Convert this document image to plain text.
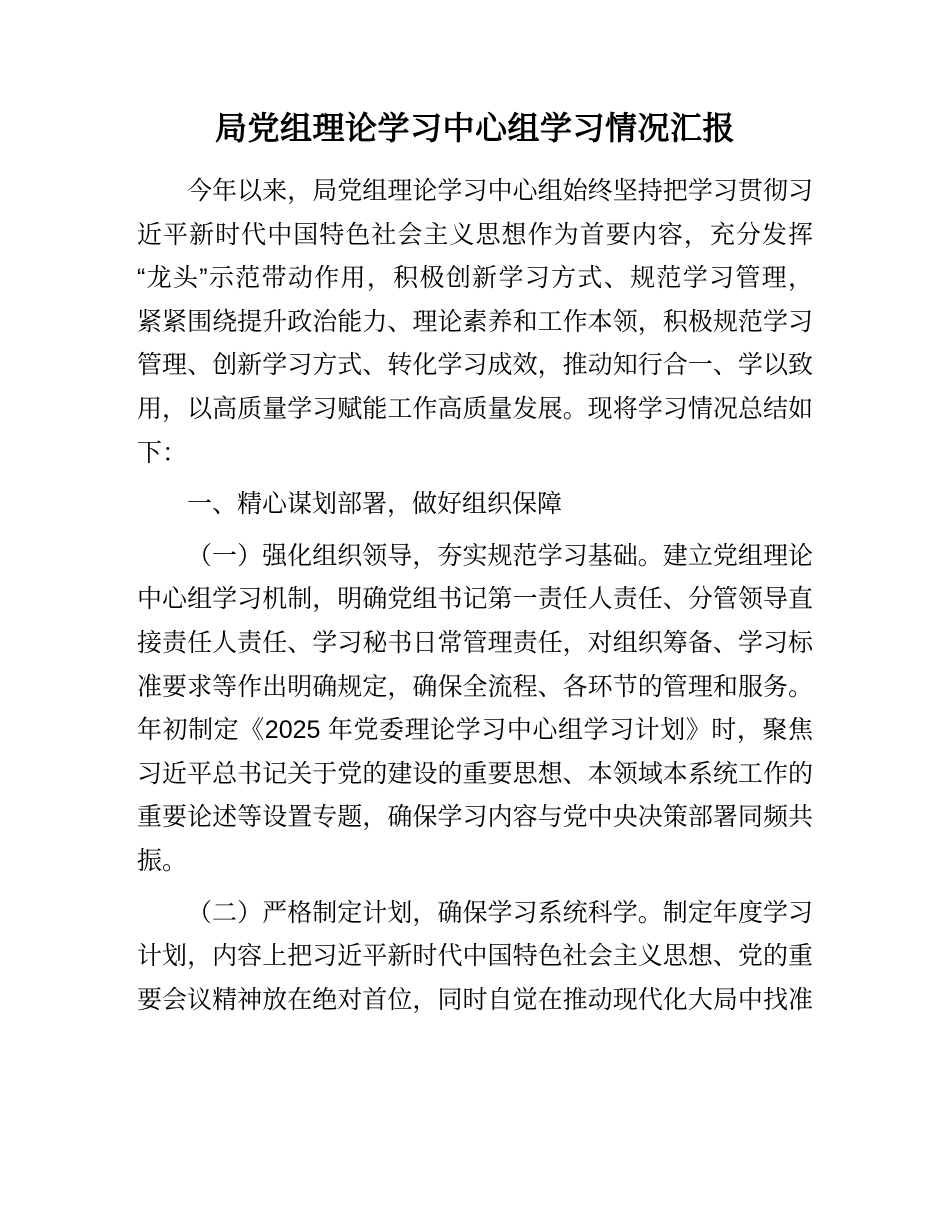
局党组理论学习中心组学习情况汇报
今年以来，局党组理论学习中心组始终坚持把学习贯彻习
近平新时代中国特色社会主义思想作为首要内容，充分发挥
“龙头”示范带动作用，积极创新学习方式、规范学习管理，
紧紧围绕提升政治能力、理论素养和工作本领，积极规范学习
管理、创新学习方式、转化学习成效，推动知行合一、学以致
用，以高质量学习赋能工作高质量发展。现将学习情况总结如
下：
一、精心谋划部署，做好组织保障
（一）强化组织领导，夯实规范学习基础。建立党组理论
中心组学习机制，明确党组书记第一责任人责任、分管领导直
接责任人责任、学习秘书日常管理责任，对组织筹备、学习标
准要求等作出明确规定，确保全流程、各环节的管理和服务。
年初制定《2025 年党委理论学习中心组学习计划》时，聚焦
习近平总书记关于党的建设的重要思想、本领域本系统工作的
重要论述等设置专题，确保学习内容与党中央决策部署同频共
振。
（二）严格制定计划，确保学习系统科学。制定年度学习
计划，内容上把习近平新时代中国特色社会主义思想、党的重
要会议精神放在绝对首位，同时自觉在推动现代化大局中找准
